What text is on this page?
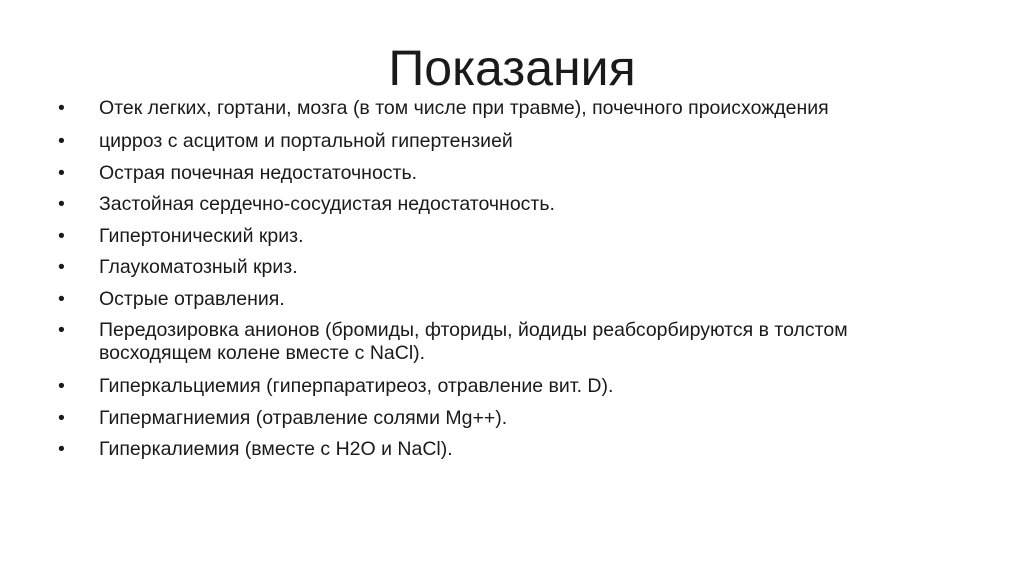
Показания
• Отек легких, гортани, мозга (в том числе при травме), почечного происхождения
• цирроз с асцитом и портальной гипертензией
• Острая почечная недостаточность.
• Застойная сердечно-сосудистая недостаточность.
• Гипертонический криз.
• Глаукоматозный криз.
• Острые отравления.
• Передозировка анионов (бромиды, фториды, йодиды реабсорбируются в толстом восходящем колене вместе с NaCl).
• Гиперкальциемия (гиперпаратиреоз, отравление вит. D).
• Гипермагниемия (отравление солями Mg++).
• Гиперкалиемия (вместе с H2O и NaCl).
